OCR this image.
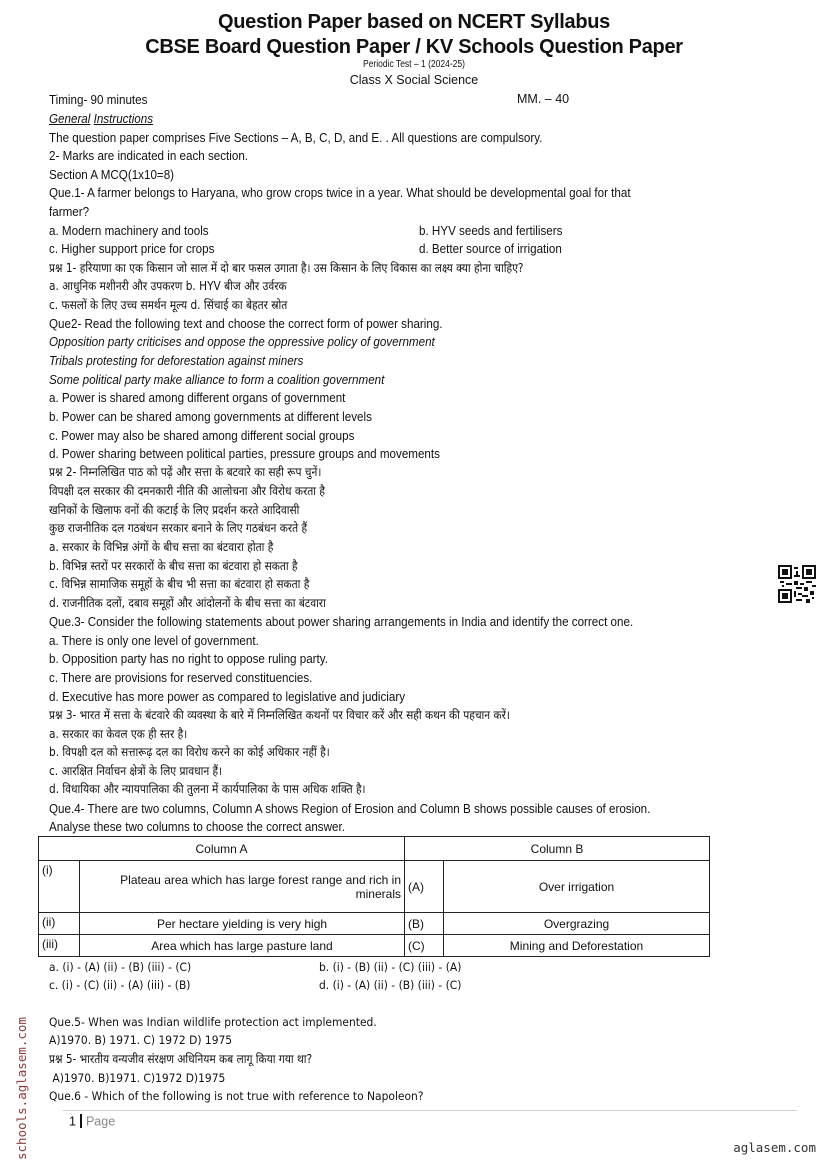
Question Paper based on NCERT Syllabus
CBSE Board Question Paper / KV Schools Question Paper
Periodic Test – 1 (2024-25)
Class X Social Science
Timing- 90 minutes	MM. – 40
General Instructions
The question paper comprises Five Sections – A, B, C, D, and E. . All questions are compulsory.
2- Marks are indicated in each section.
Section A MCQ(1x10=8)
Que.1- A farmer belongs to Haryana, who grow crops twice in a year. What should be developmental goal for that
farmer?
a. Modern machinery and tools	b. HYV seeds and fertilisers
c. Higher support price for crops	d. Better source of irrigation
प्रश्न 1- हरियाणा का एक किसान जो साल में दो बार फसल उगाता है। उस किसान के लिए विकास का लक्ष्य क्या होना चाहिए?
a. आधुनिक मशीनरी और उपकरण b. HYV बीज और उर्वरक
c. फसलों के लिए उच्च समर्थन मूल्य d. सिंचाई का बेहतर स्रोत
Que2- Read the following text and choose the correct form of power sharing.
Opposition party criticises and oppose the oppressive policy of government
Tribals protesting for deforestation against miners
Some political party make alliance to form a coalition government
a. Power is shared among different organs of government
b. Power can be shared among governments at different levels
c. Power may also be shared among different social groups
d. Power sharing between political parties, pressure groups and movements
प्रश्न 2- निम्नलिखित पाठ को पढ़ें और सत्ता के बटवारे का सही रूप चुनें।
विपक्षी दल सरकार की दमनकारी नीति की आलोचना और विरोध करता है
खनिकों के खिलाफ वनों की कटाई के लिए प्रदर्शन करते आदिवासी
कुछ राजनीतिक दल गठबंधन सरकार बनाने के लिए गठबंधन करते हैं
a. सरकार के विभिन्न अंगों के बीच सत्ता का बंटवारा होता है
b. विभिन्न स्तरों पर सरकारों के बीच सत्ता का बंटवारा हो सकता है
c. विभिन्न सामाजिक समूहों के बीच भी सत्ता का बंटवारा हो सकता है
d. राजनीतिक दलों, दबाव समूहों और आंदोलनों के बीच सत्ता का बंटवारा
Que.3- Consider the following statements about power sharing arrangements in India and identify the correct one.
a. There is only one level of government.
b. Opposition party has no right to oppose ruling party.
c. There are provisions for reserved constituencies.
d. Executive has more power as compared to legislative and judiciary
प्रश्न 3- भारत में सत्ता के बंटवारे की व्यवस्था के बारे में निम्नलिखित कथनों पर विचार करें और सही कथन की पहचान करें।
a. सरकार का केवल एक ही स्तर है।
b. विपक्षी दल को सत्तारूढ़ दल का विरोध करने का कोई अधिकार नहीं है।
c. आरक्षित निर्वाचन क्षेत्रों के लिए प्रावधान हैं।
d. विधायिका और न्यायपालिका की तुलना में कार्यपालिका के पास अधिक शक्ति है।
Que.4- There are two columns, Column A shows Region of Erosion and Column B shows possible causes of erosion.
Analyse these two columns to choose the correct answer.
Column A		Column B	
(i)	Plateau area which has large forest range and rich in
minerals	(A)	Over irrigation
(ii)	Per hectare yielding is very high	(B)	Overgrazing
(iii)	Area which has large pasture land	(C)	Mining and Deforestation
a. (i) - (A) (ii) - (B) (iii) - (C)	b. (i) - (B) (ii) - (C) (iii) - (A)
c. (i) - (C) (ii) - (A) (iii) - (B)	d. (i) - (A) (ii) - (B) (iii) - (C)
Que.5- When was Indian wildlife protection act implemented.
A)1970. B) 1971. C) 1972 D) 1975
प्रश्न 5- भारतीय वन्यजीव संरक्षण अधिनियम कब लागू किया गया था?
A)1970. B)1971. C)1972 D)1975
Que.6 - Which of the following is not true with reference to Napoleon?
1 Page
aglasem.com
schools.aglasem.com
